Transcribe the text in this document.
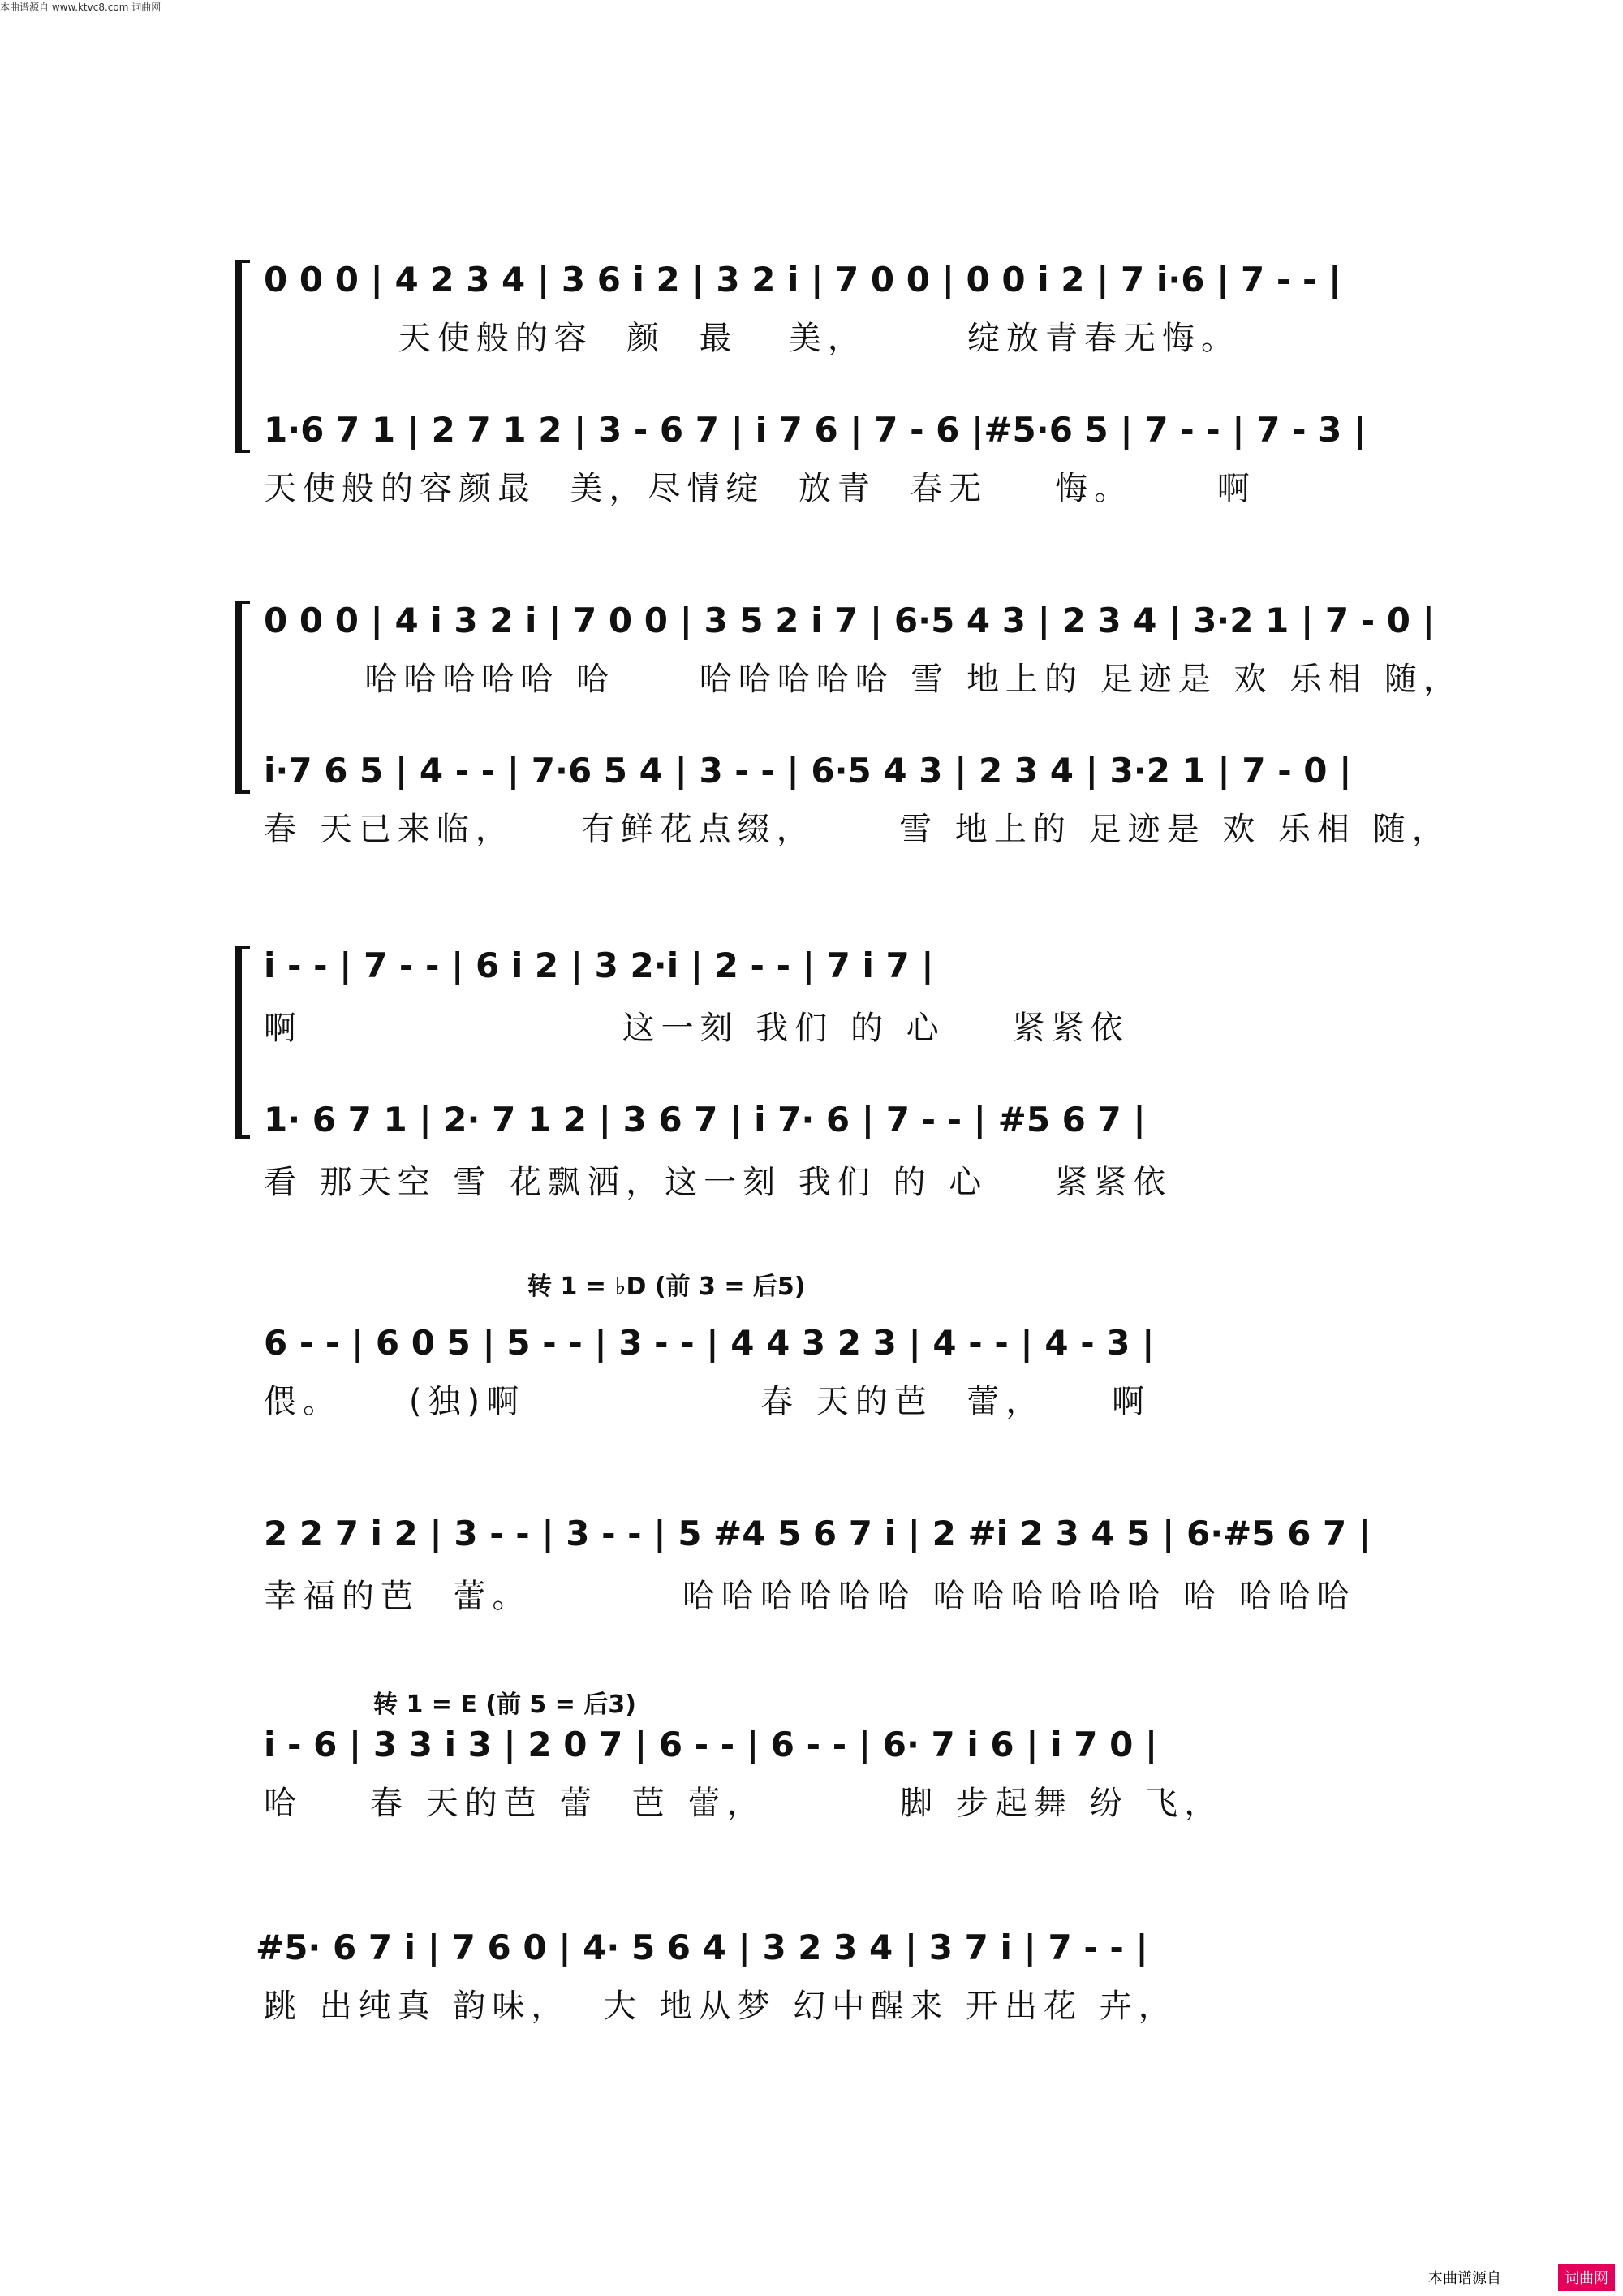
本曲谱源自 www.ktvc8.com 词曲网
0 0 0 | 4 2 3 4 | 3 6 i 2 | 3 2 i | 7 0 0 | 0 0 i 2 | 7 i·6 | 7 - - |
天使般的容  颜  最   美，      绽放青春无悔。
1·6 7 1 | 2 7 1 2 | 3 - 6 7 | i 7 6 | 7 - 6 |#5·6 5 | 7 - - | 7 - 3 |
天使般的容颜最  美，尽情绽  放青  春无    悔。     啊
0 0 0 | 4 i 3 2 i | 7 0 0 | 3 5 2 i 7 | 6·5 4 3 | 2 3 4 | 3·2 1 | 7 - 0 |
哈哈哈哈哈 哈     哈哈哈哈哈 雪 地上的 足迹是 欢 乐相 随，
i·7 6 5 | 4 - - | 7·6 5 4 | 3 - - | 6·5 4 3 | 2 3 4 | 3·2 1 | 7 - 0 |
春 天已来临，    有鲜花点缀，     雪 地上的 足迹是 欢 乐相 随，
i - - | 7 - - | 6 i 2 | 3 2·i | 2 - - | 7 i 7 |
啊                   这一刻 我们 的 心    紧紧依
1· 6 7 1 | 2· 7 1 2 | 3 6 7 | i 7· 6 | 7 - - | #5 6 7 |
看 那天空 雪 花飘洒，这一刻 我们 的 心    紧紧依
转 1 = ♭D (前 3 = 后5)
6 - - | 6 0 5 | 5 - - | 3 - - | 4 4 3 2 3 | 4 - - | 4 - 3 |
偎。    (独)啊              春 天的芭  蕾，    啊
2 2 7 i 2 | 3 - - | 3 - - | 5 #4 5 6 7 i | 2 #i 2 3 4 5 | 6·#5 6 7 |
幸福的芭  蕾。         哈哈哈哈哈哈 哈哈哈哈哈哈 哈 哈哈哈
转 1 = E (前 5 = 后3)
i - 6 | 3 3 i 3 | 2 0 7 | 6 - - | 6 - - | 6· 7 i 6 | i 7 0 |
哈    春 天的芭 蕾  芭 蕾，        脚 步起舞 纷 飞，
#5· 6 7 i | 7 6 0 | 4· 5 6 4 | 3 2 3 4 | 3 7 i | 7 - - |
跳 出纯真 韵味，  大 地从梦 幻中醒来 开出花 卉，
本曲谱源自	词曲网
